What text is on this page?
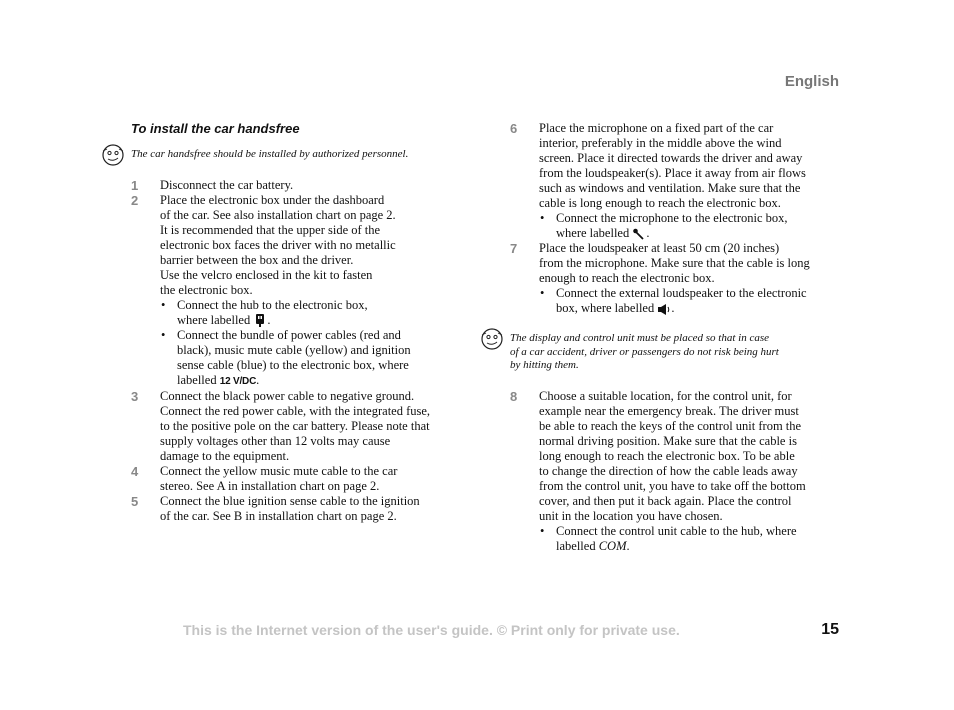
English
To install the car handsfree
The car handsfree should be installed by authorized personnel.
1 Disconnect the car battery.

2 Place the electronic box under the dashboard

of the car. See also installation chart on page 2.

It is recommended that the upper side of the

electronic box faces the driver with no metallic

barrier between the box and the driver.

Use the velcro enclosed in the kit to fasten

the electronic box.

• Connect the hub to the electronic box,
where labelled .
• Connect the bundle of power cables (red and
black), music mute cable (yellow) and ignition
sense cable (blue) to the electronic box, where
labelled 12 V/DC.
3 Connect the black power cable to negative ground.

Connect the red power cable, with the integrated fuse,

to the positive pole on the car battery. Please note that

supply voltages other than 12 volts may cause

damage to the equipment.

4 Connect the yellow music mute cable to the car

stereo. See A in installation chart on page 2.

5 Connect the blue ignition sense cable to the ignition

of the car. See B in installation chart on page 2.

6 Place the microphone on a fixed part of the car

interior, preferably in the middle above the wind

screen. Place it directed towards the driver and away

from the loudspeaker(s). Place it away from air flows

such as windows and ventilation. Make sure that the

cable is long enough to reach the electronic box.

• Connect the microphone to the electronic box,
where labelled .
7 Place the loudspeaker at least 50 cm (20 inches)

from the microphone. Make sure that the cable is long

enough to reach the electronic box.

• Connect the external loudspeaker to the electronic
box, where labelled .
The display and control unit must be placed so that in case
of a car accident, driver or passengers do not risk being hurt
by hitting them.
8 Choose a suitable location, for the control unit, for

example near the emergency break. The driver must

be able to reach the keys of the control unit from the

normal driving position. Make sure that the cable is

long enough to reach the electronic box. To be able

to change the direction of how the cable leads away

from the control unit, you have to take off the bottom

cover, and then put it back again. Place the control

unit in the location you have chosen.

• Connect the control unit cable to the hub, where
labelled COM.
This is the Internet version of the user's guide. © Print only for private use.	15
